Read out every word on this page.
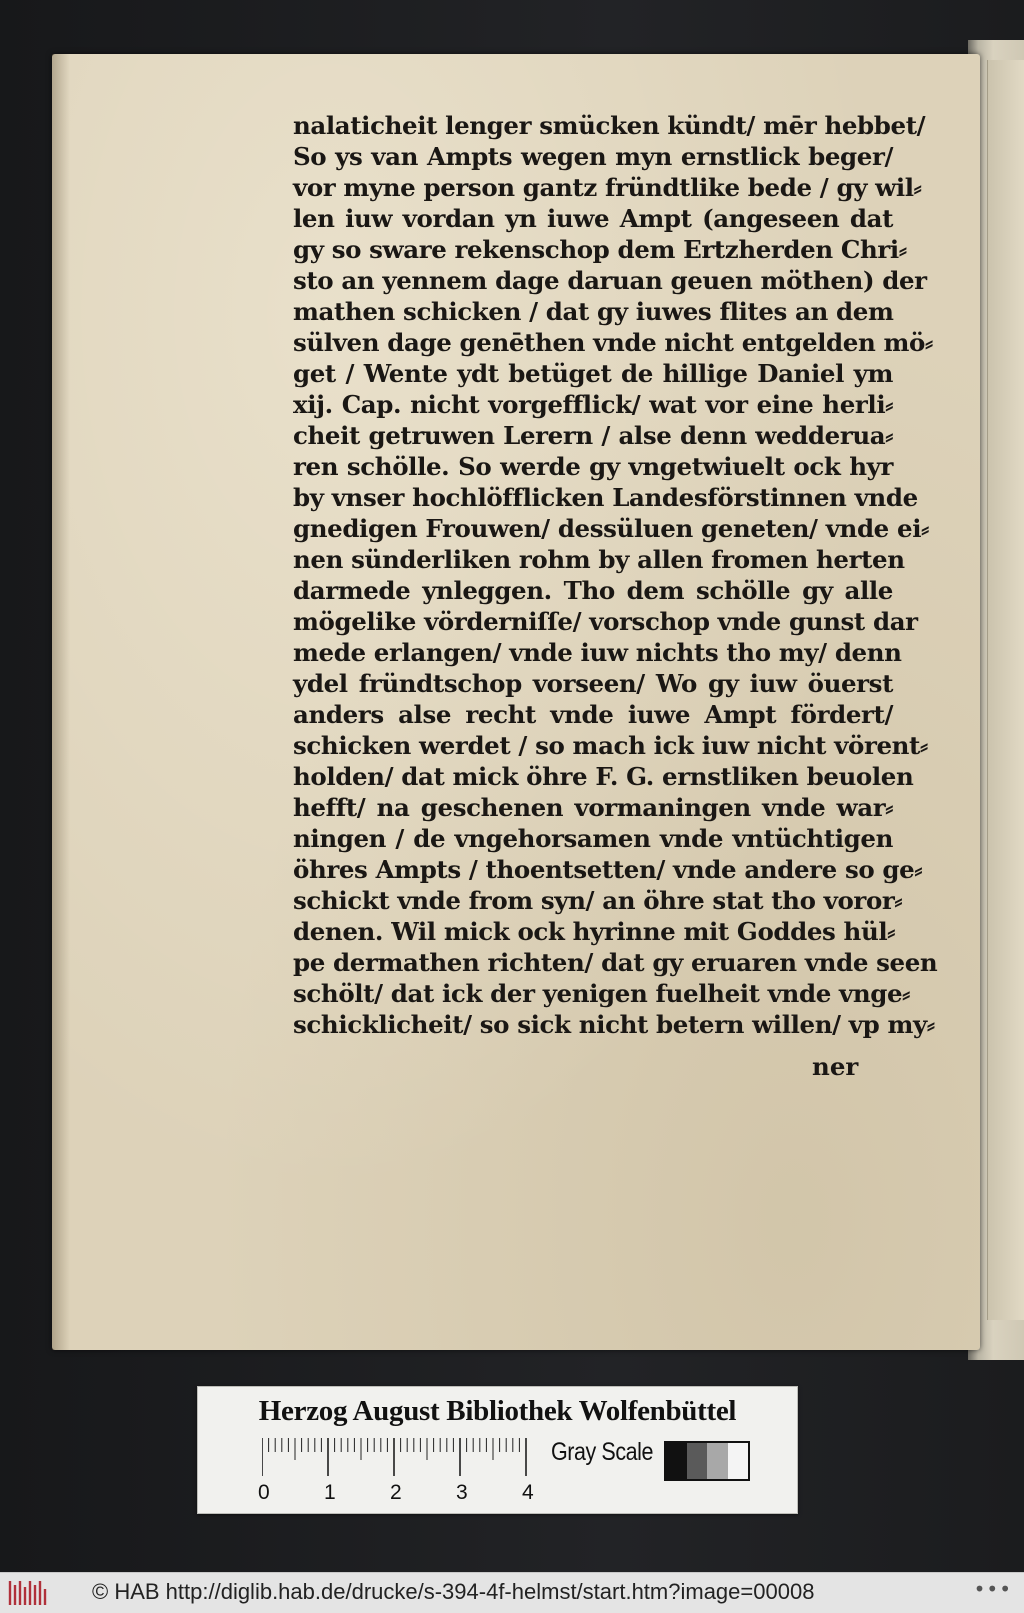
nalaticheit lenger smücken kündt/ mēr hebbet/
So ys van Ampts wegen myn ernstlick beger/
vor myne person gantz fründtlike bede / gy wil⸗
len iuw vordan yn iuwe Ampt (angeseen dat
gy so sware rekenschop dem Ertzherden Chri⸗
sto an yennem dage daruan geuen möthen) der
mathen schicken / dat gy iuwes flites an dem
sülven dage genēthen vnde nicht entgelden mö⸗
get / Wente ydt betüget de hillige Daniel ym
xij. Cap. nicht vorgefflick/ wat vor eine herli⸗
cheit getruwen Lerern / alse denn wedderua⸗
ren schölle. So werde gy vngetwiuelt ock hyr
by vnser hochlöfflicken Landesförstinnen vnde
gnedigen Frouwen/ dessüluen geneten/ vnde ei⸗
nen sünderliken rohm by allen fromen herten
darmede ynleggen. Tho dem schölle gy alle
mögelike vörderniſſe/ vorschop vnde gunst dar
mede erlangen/ vnde iuw nichts tho my/ denn
ydel fründtschop vorseen/ Wo gy iuw öuerst
anders alse recht vnde iuwe Ampt fördert/
schicken werdet / so mach ick iuw nicht vörent⸗
holden/ dat mick öhre F. G. ernstliken beuolen
hefft/ na geschenen vormaningen vnde war⸗
ningen / de vngehorsamen vnde vntüchtigen
öhres Ampts / thoentsetten/ vnde andere so ge⸗
schickt vnde from syn/ an öhre stat tho voror⸗
denen. Wil mick ock hyrinne mit Goddes hül⸗
pe dermathen richten/ dat gy eruaren vnde seen
schölt/ dat ick der yenigen fuelheit vnde vnge⸗
schicklicheit/ so sick nicht betern willen/ vp my⸗
ner
Herzog August Bibliothek Wolfenbüttel
0	1	2	3	4
Gray Scale
© HAB http://diglib.hab.de/drucke/s-394-4f-helmst/start.htm?image=00008	•••
